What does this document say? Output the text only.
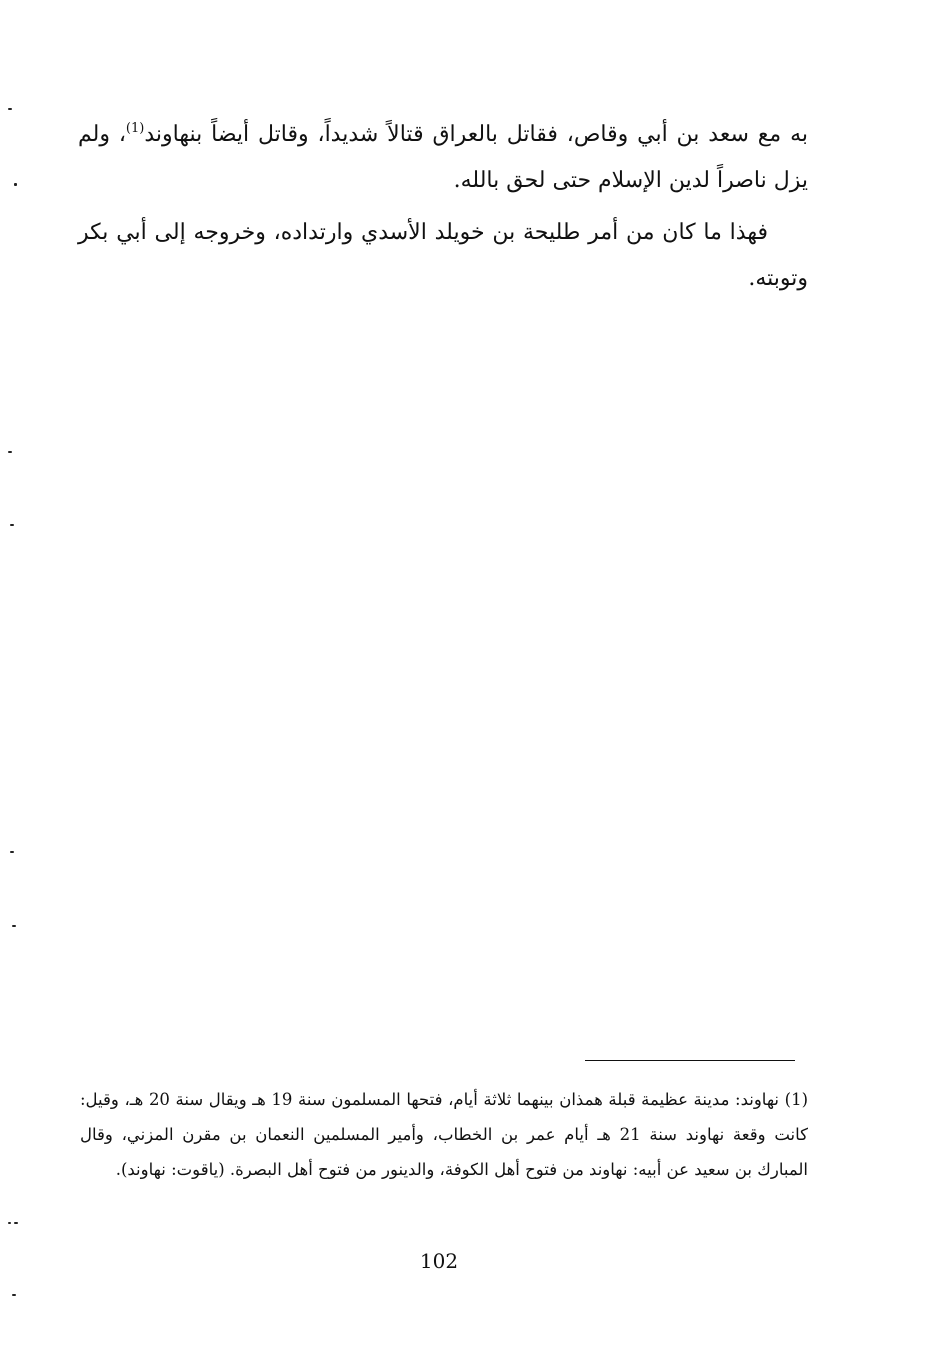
به مع سعد بن أبي وقاص، فقاتل بالعراق قتالاً شديداً، وقاتل أيضاً بنهاوند$^{(1)}$، ولم يزل ناصراً لدين الإسلام حتى لحق بالله.

فهذا ما كان من أمر طليحة بن خويلد الأسدي وارتداده، وخروجه إلى أبي بكر وتوبته.

(1) نهاوند: مدينة عظيمة قبلة همذان بينهما ثلاثة أيام، فتحها المسلمون سنة 19 هـ ويقال سنة 20 هـ، وقيل: كانت وقعة نهاوند سنة 21 هـ أيام عمر بن الخطاب، وأمير المسلمين النعمان بن مقرن المزني، وقال المبارك بن سعيد عن أبيه: نهاوند من فتوح أهل الكوفة، والدينور من فتوح أهل البصرة. (ياقوت: نهاوند).

102
